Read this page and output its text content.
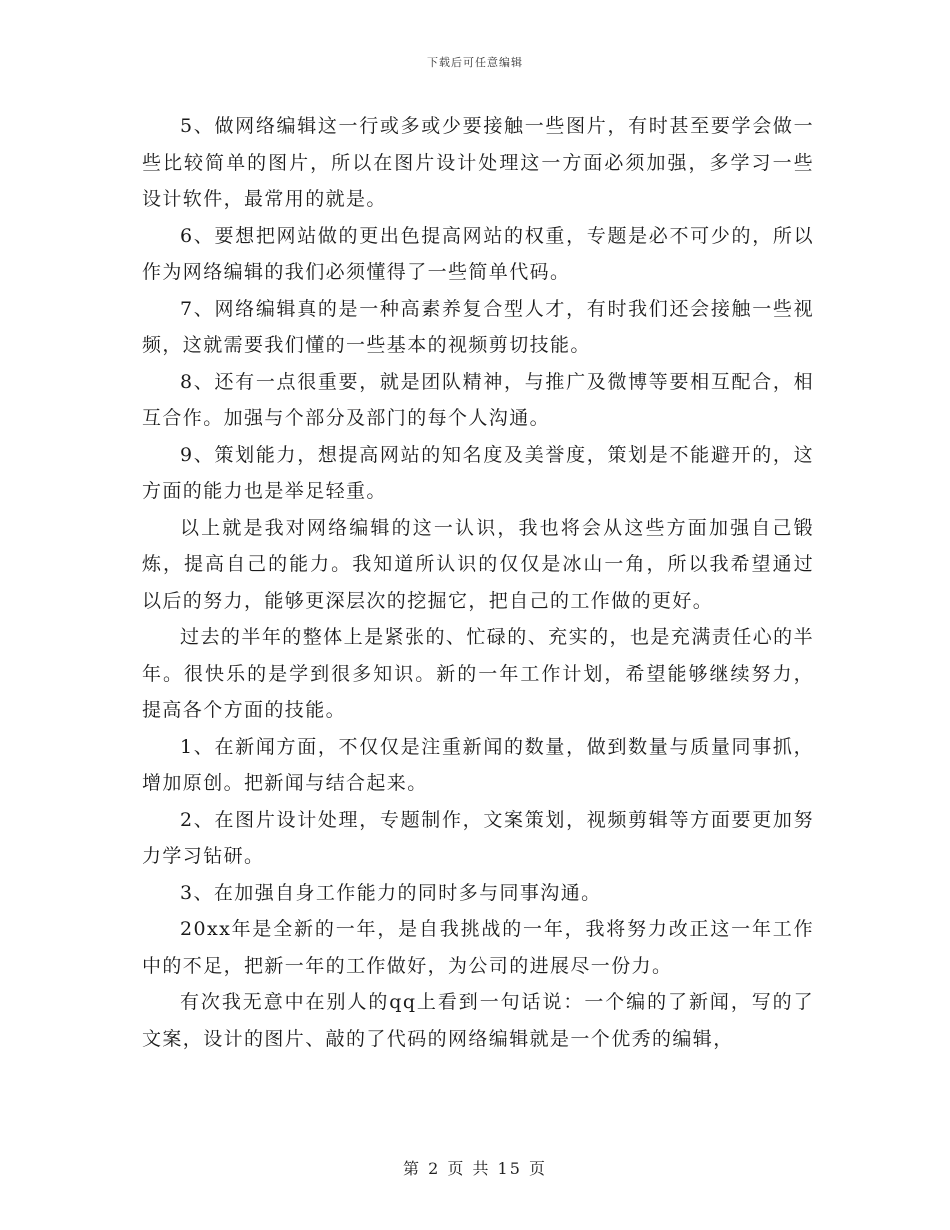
下载后可任意编辑

5、做网络编辑这一行或多或少要接触一些图片，有时甚至要学会做一些比较简单的图片，所以在图片设计处理这一方面必须加强，多学习一些设计软件，最常用的就是。

6、要想把网站做的更出色提高网站的权重，专题是必不可少的，所以作为网络编辑的我们必须懂得了一些简单代码。

7、网络编辑真的是一种高素养复合型人才，有时我们还会接触一些视频，这就需要我们懂的一些基本的视频剪切技能。

8、还有一点很重要，就是团队精神，与推广及微博等要相互配合，相互合作。加强与个部分及部门的每个人沟通。

9、策划能力，想提高网站的知名度及美誉度，策划是不能避开的，这方面的能力也是举足轻重。

以上就是我对网络编辑的这一认识，我也将会从这些方面加强自己锻炼，提高自己的能力。我知道所认识的仅仅是冰山一角，所以我希望通过以后的努力，能够更深层次的挖掘它，把自己的工作做的更好。

过去的半年的整体上是紧张的、忙碌的、充实的，也是充满责任心的半年。很快乐的是学到很多知识。新的一年工作计划，希望能够继续努力，提高各个方面的技能。

1、在新闻方面，不仅仅是注重新闻的数量，做到数量与质量同事抓，增加原创。把新闻与结合起来。

2、在图片设计处理，专题制作，文案策划，视频剪辑等方面要更加努力学习钻研。

3、在加强自身工作能力的同时多与同事沟通。

20xx年是全新的一年，是自我挑战的一年，我将努力改正这一年工作中的不足，把新一年的工作做好，为公司的进展尽一份力。

有次我无意中在别人的qq上看到一句话说：一个编的了新闻，写的了文案，设计的图片、敲的了代码的网络编辑就是一个优秀的编辑，

第 2 页 共 15 页
